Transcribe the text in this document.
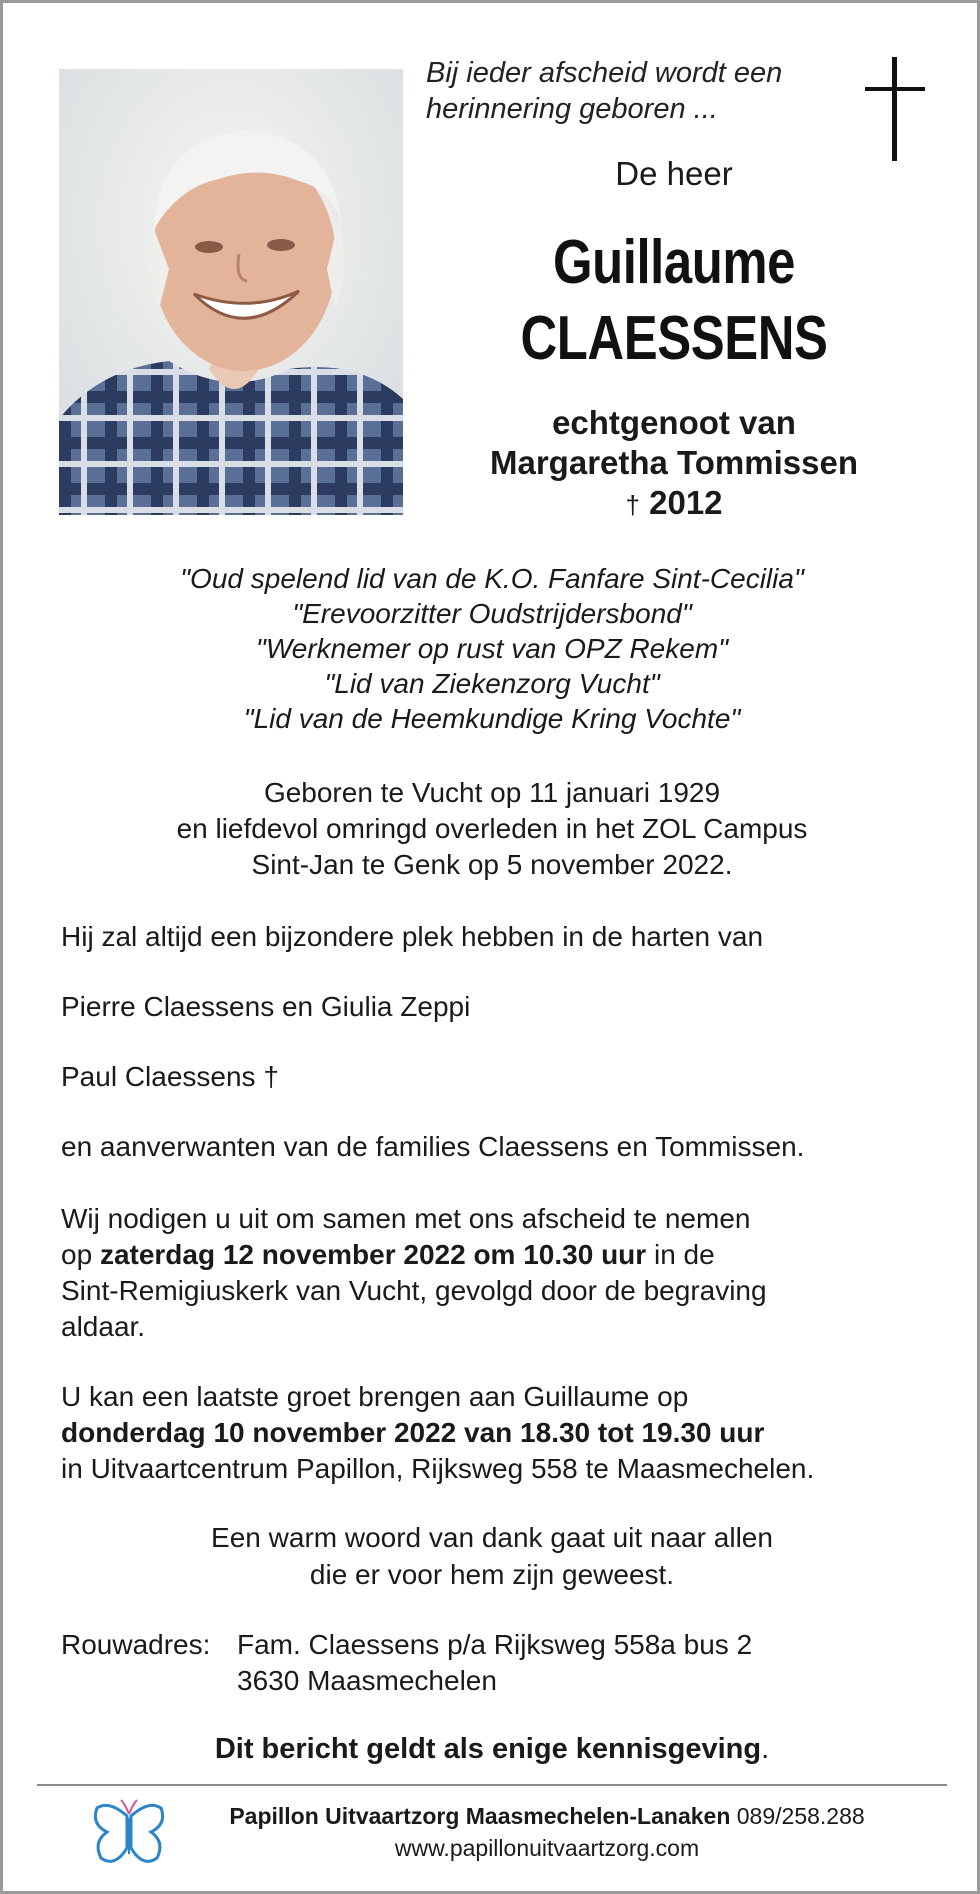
Bij ieder afscheid wordt een
herinnering geboren ...
De heer
Guillaume
CLAESSENS
echtgenoot van
Margaretha Tommissen
† 2012
"Oud spelend lid van de K.O. Fanfare Sint-Cecilia"
"Erevoorzitter Oudstrijdersbond"
"Werknemer op rust van OPZ Rekem"
"Lid van Ziekenzorg Vucht"
"Lid van de Heemkundige Kring Vochte"
Geboren te Vucht op 11 januari 1929
en liefdevol omringd overleden in het ZOL Campus
Sint-Jan te Genk op 5 november 2022.
Hij zal altijd een bijzondere plek hebben in de harten van
Pierre Claessens en Giulia Zeppi
Paul Claessens †
en aanverwanten van de families Claessens en Tommissen.
Wij nodigen u uit om samen met ons afscheid te nemen
op zaterdag 12 november 2022 om 10.30 uur in de
Sint-Remigiuskerk van Vucht, gevolgd door de begraving
aldaar.
U kan een laatste groet brengen aan Guillaume op
donderdag 10 november 2022 van 18.30 tot 19.30 uur
in Uitvaartcentrum Papillon, Rijksweg 558 te Maasmechelen.
Een warm woord van dank gaat uit naar allen
die er voor hem zijn geweest.
Rouwadres: Fam. Claessens p/a Rijksweg 558a bus 2
3630 Maasmechelen
Dit bericht geldt als enige kennisgeving.
Papillon Uitvaartzorg Maasmechelen-Lanaken 089/258.288
www.papillonuitvaartzorg.com
